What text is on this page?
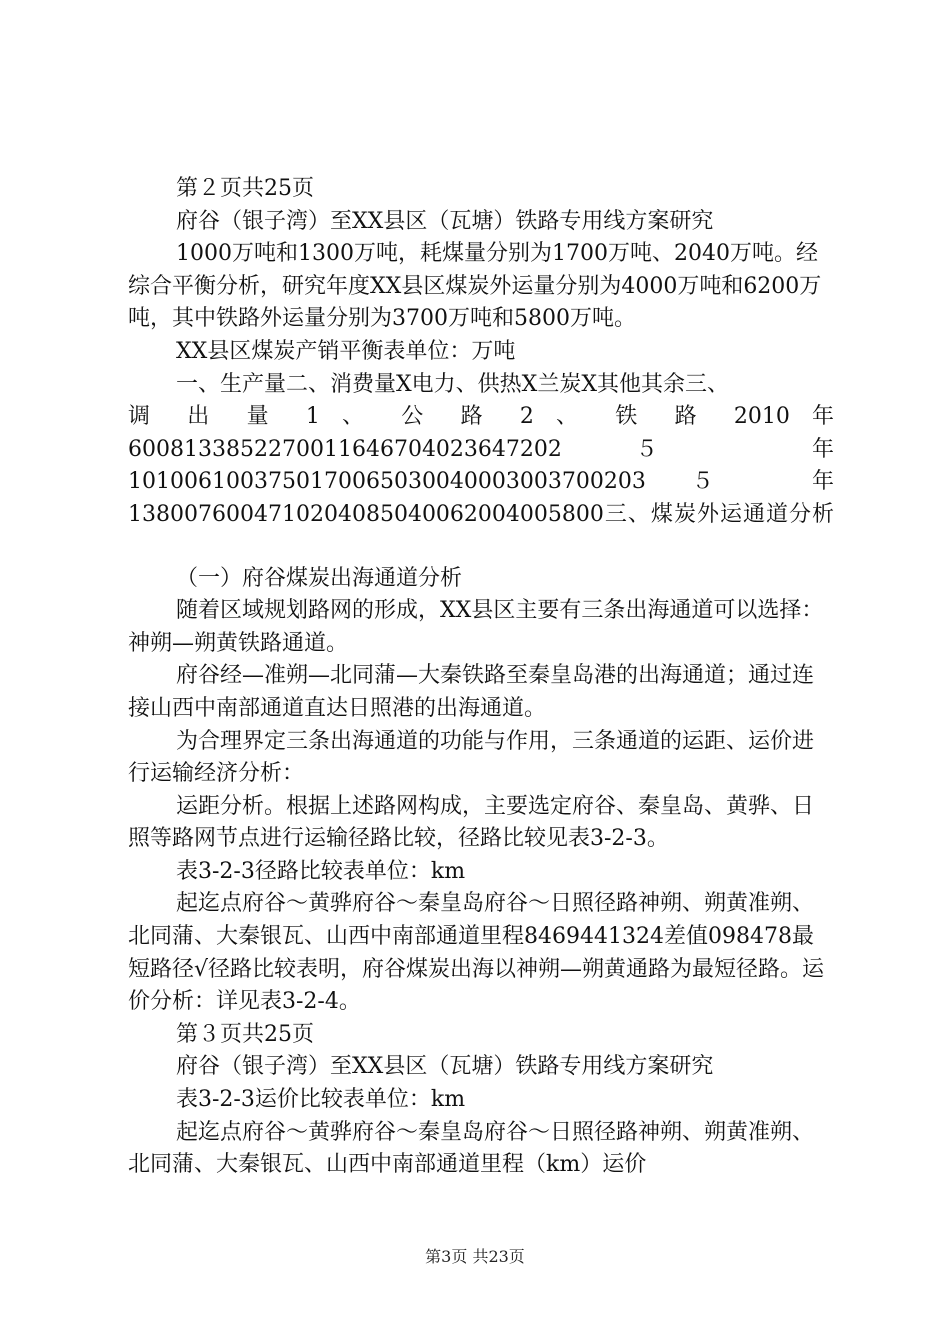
第２页共25页

府谷（银子湾）至XX县区（瓦塘）铁路专用线方案研究

1000万吨和1300万吨，耗煤量分别为1700万吨、2040万吨。经综合平衡分析，研究年度XX县区煤炭外运量分别为4000万吨和6200万吨，其中铁路外运量分别为3700万吨和5800万吨。

XX县区煤炭产销平衡表单位：万吨

一、生产量二、消费量X电力、供热X兰炭X其他其余三、

调 出 量 1 、 公 路 2 、 铁 路 2010 年

6008133852270011646704023647202５ 年

1010061003750170065030040003003700203５ 年

1380076004710204085040062004005800三、煤炭外运通道分析

（一）府谷煤炭出海通道分析

随着区域规划路网的形成，XX县区主要有三条出海通道可以选择：神朔—朔黄铁路通道。

府谷经—准朔—北同蒲—大秦铁路至秦皇岛港的出海通道；通过连接山西中南部通道直达日照港的出海通道。

为合理界定三条出海通道的功能与作用，三条通道的运距、运价进行运输经济分析：

运距分析。根据上述路网构成，主要选定府谷、秦皇岛、黄骅、日照等路网节点进行运输径路比较，径路比较见表3-2-3。

表3-2-3径路比较表单位：km

起迄点府谷～黄骅府谷～秦皇岛府谷～日照径路神朔、朔黄准朔、北同蒲、大秦银瓦、山西中南部通道里程8469441324差值098478最短路径√径路比较表明，府谷煤炭出海以神朔—朔黄通路为最短径路。运价分析：详见表3-2-4。

第３页共25页

府谷（银子湾）至XX县区（瓦塘）铁路专用线方案研究

表3-2-3运价比较表单位：km

起迄点府谷～黄骅府谷～秦皇岛府谷～日照径路神朔、朔黄准朔、北同蒲、大秦银瓦、山西中南部通道里程（km）运价

第3页 共23页
